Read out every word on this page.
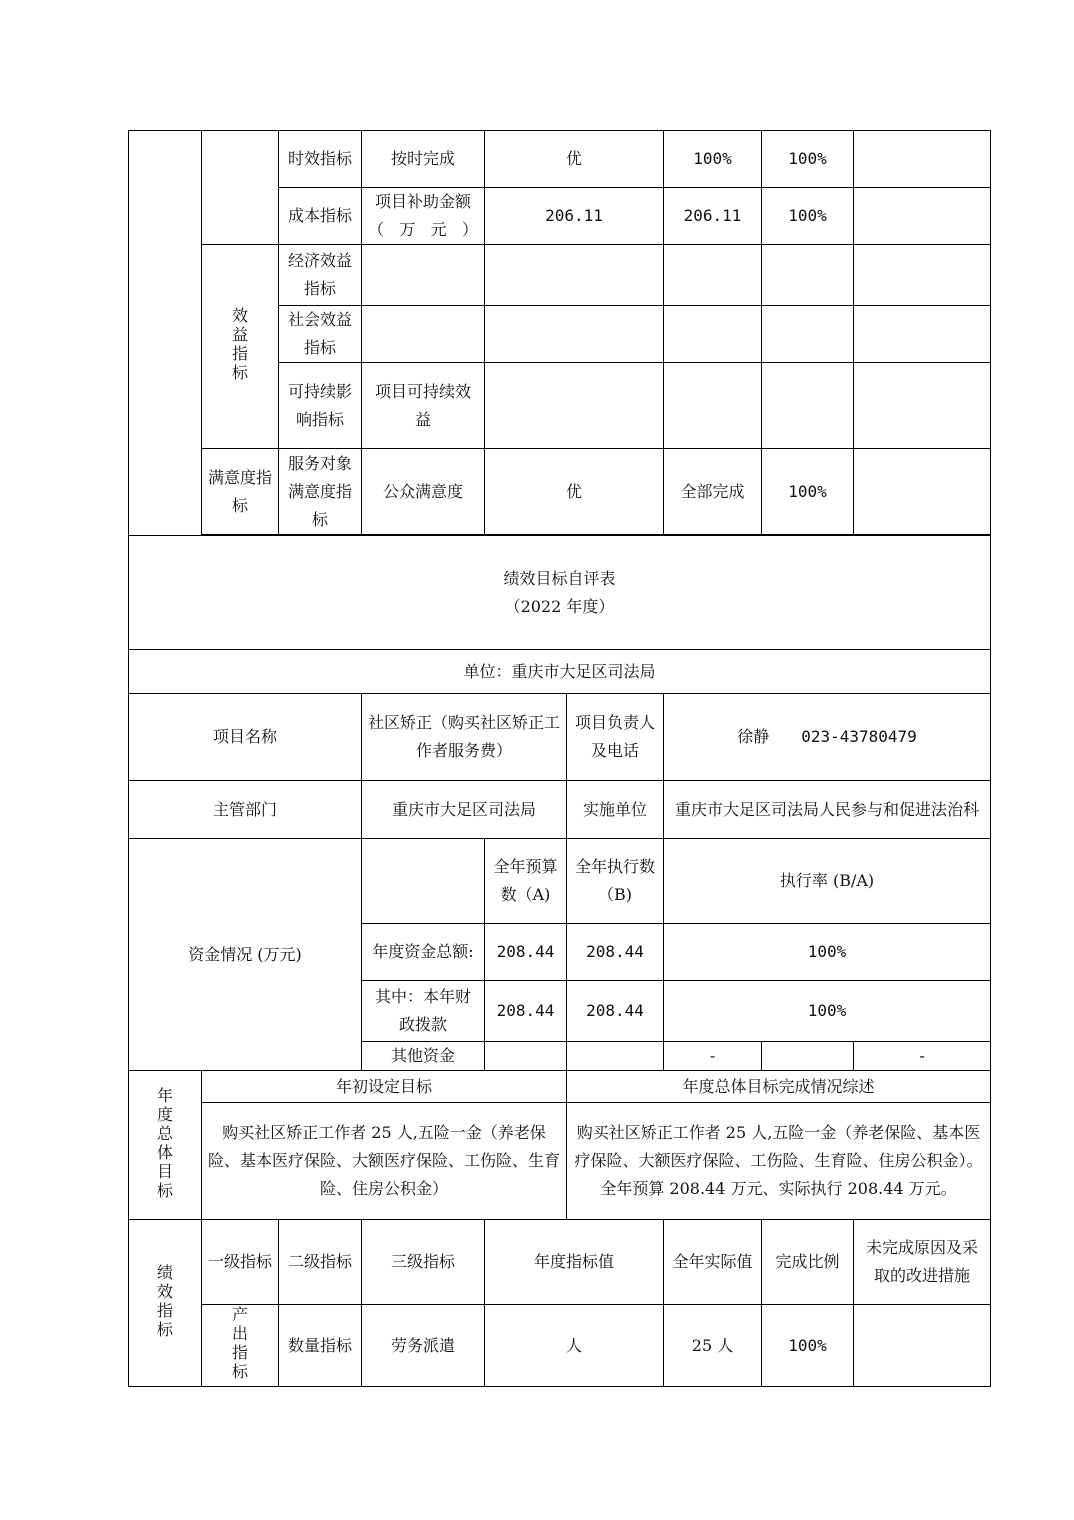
		时效指标	按时完成	优		100%	100%	
		成本指标	项目补助金额（万元）	206.11		206.11	100%	
	效益指标	经济效益指标						
		社会效益指标						
		可持续影响指标	项目可持续效益					
	满意度指标	服务对象满意度指标	公众满意度	优		全部完成	100%	

绩效目标自评表
（2022 年度）								

单位：重庆市大足区司法局								
项目名称			社区矫正（购买社区矫正工作者服务费）		项目负责人及电话	徐静　　023-43780479		
主管部门			重庆市大足区司法局		实施单位	重庆市大足区司法局人民参与和促进法治科		
资金情况 (万元)				全年预算数（A)	全年执行数（B)	执行率 (B/A)		
			年度资金总额:	208.44	208.44	100%		
			其中：本年财政拨款	208.44	208.44	100%		
			其他资金			-		-
年度总体目标	年初设定目标				年度总体目标完成情况综述			
	购买社区矫正工作者 25 人,五险一金（养老保险、基本医疗保险、大额医疗保险、工伤险、生育险、住房公积金）				购买社区矫正工作者 25 人,五险一金（养老保险、基本医疗保险、大额医疗保险、工伤险、生育险、住房公积金）。全年预算 208.44 万元、实际执行 208.44 万元。			
绩效指标	一级指标	二级指标	三级指标	年度指标值		全年实际值	完成比例	未完成原因及采取的改进措施
	产出指标	数量指标	劳务派遣	人		25 人	100%	
